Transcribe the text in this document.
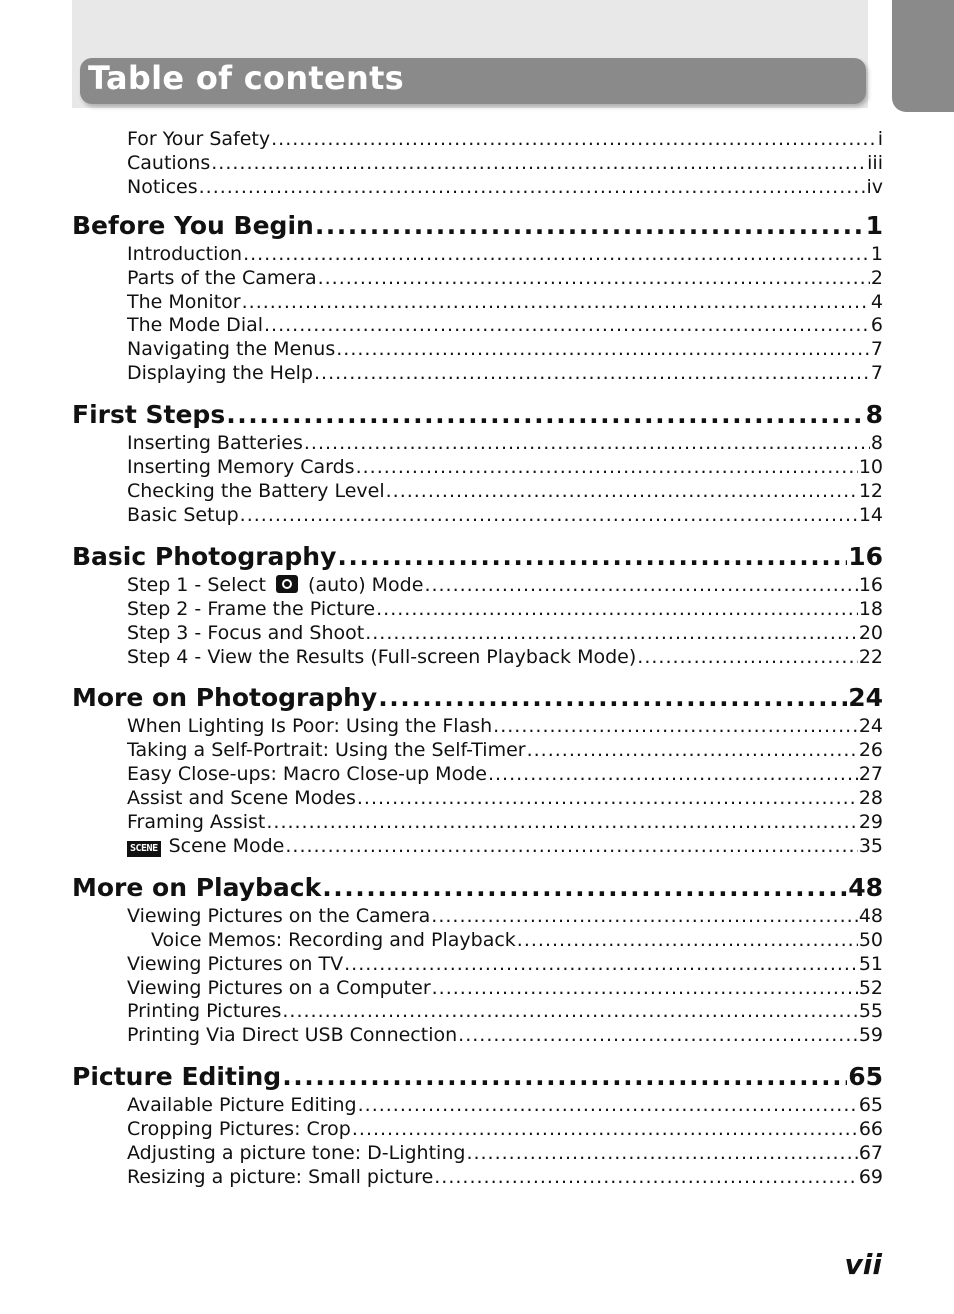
Table of contents
For Your Safety .....	i
Cautions .....	iii
Notices .....	iv
Before You Begin .....	1
Introduction .....	1
Parts of the Camera .....	2
The Monitor .....	4
The Mode Dial .....	6
Navigating the Menus .....	7
Displaying the Help .....	7
First Steps .....	8
Inserting Batteries .....	8
Inserting Memory Cards .....	10
Checking the Battery Level .....	12
Basic Setup .....	14
Basic Photography .....	16
Step 1 - Select (auto) Mode .....	16
Step 2 - Frame the Picture .....	18
Step 3 - Focus and Shoot .....	20
Step 4 - View the Results (Full-screen Playback Mode) .....	22
More on Photography .....	24
When Lighting Is Poor: Using the Flash .....	24
Taking a Self-Portrait: Using the Self-Timer .....	26
Easy Close-ups: Macro Close-up Mode .....	27
Assist and Scene Modes .....	28
Framing Assist .....	29
SCENE Scene Mode .....	35
More on Playback .....	48
Viewing Pictures on the Camera .....	48
Voice Memos: Recording and Playback .....	50
Viewing Pictures on TV .....	51
Viewing Pictures on a Computer .....	52
Printing Pictures .....	55
Printing Via Direct USB Connection .....	59
Picture Editing .....	65
Available Picture Editing .....	65
Cropping Pictures: Crop .....	66
Adjusting a picture tone: D-Lighting .....	67
Resizing a picture: Small picture .....	69
vii
